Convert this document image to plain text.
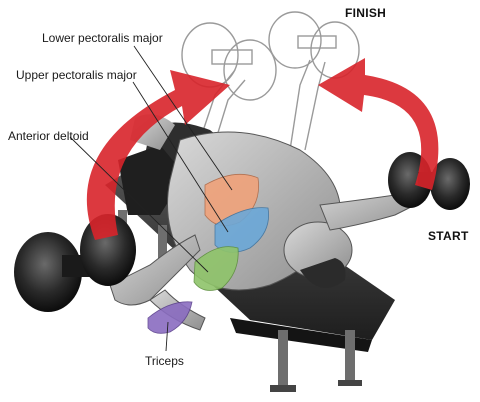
Lower pectoralis major
Upper pectoralis major
Anterior deltoid
Triceps
FINISH
START
